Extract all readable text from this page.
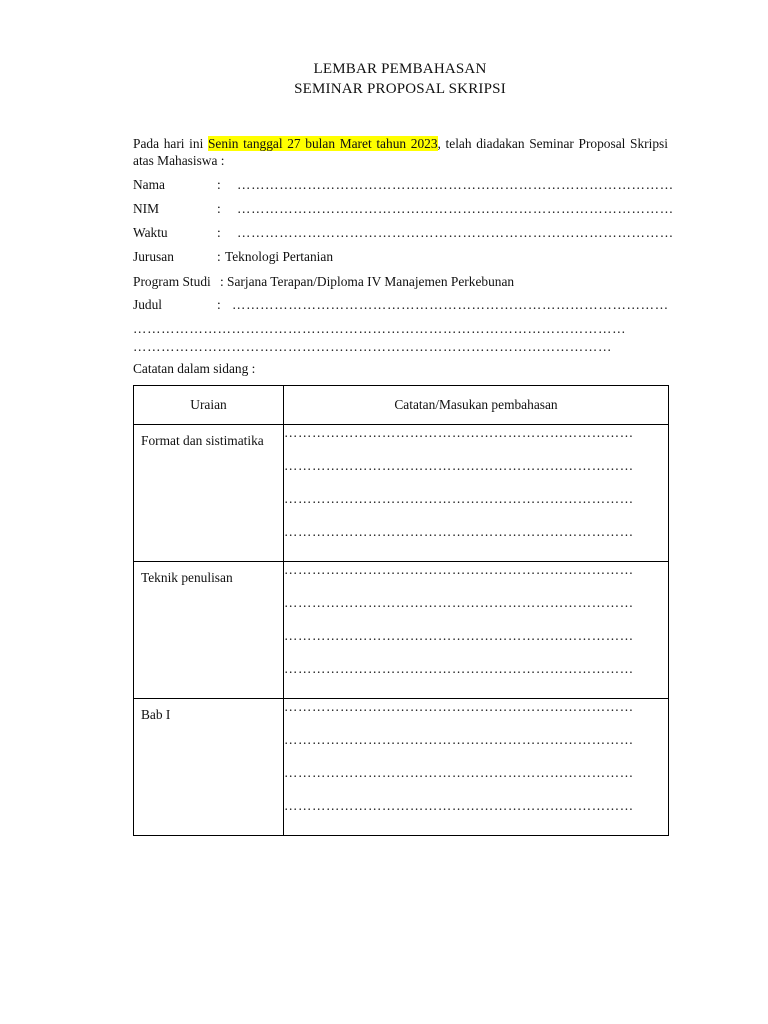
LEMBAR PEMBAHASAN
SEMINAR PROPOSAL SKRIPSI
Pada hari ini Senin tanggal 27 bulan Maret tahun 2023, telah diadakan Seminar Proposal Skripsi atas Mahasiswa :
Nama	: …………………………………………………………………………………
NIM	: …………………………………………………………………………………
Waktu	: …………………………………………………………………………………
Jurusan	: Teknologi Pertanian
Program Studi : Sarjana Terapan/Diploma IV Manajemen Perkebunan
Judul	: …………………………………………………………………………………
……………………………………………………………………………………………
…………………………………………………………………………………………
Catatan dalam sidang :
Uraian	Catatan/Masukan pembahasan

Format dan sistimatika	…………………………………………………………………
…………………………………………………………………
…………………………………………………………………
…………………………………………………………………

Teknik penulisan	…………………………………………………………………
…………………………………………………………………
…………………………………………………………………
…………………………………………………………………

Bab I	…………………………………………………………………
…………………………………………………………………
…………………………………………………………………
…………………………………………………………………
